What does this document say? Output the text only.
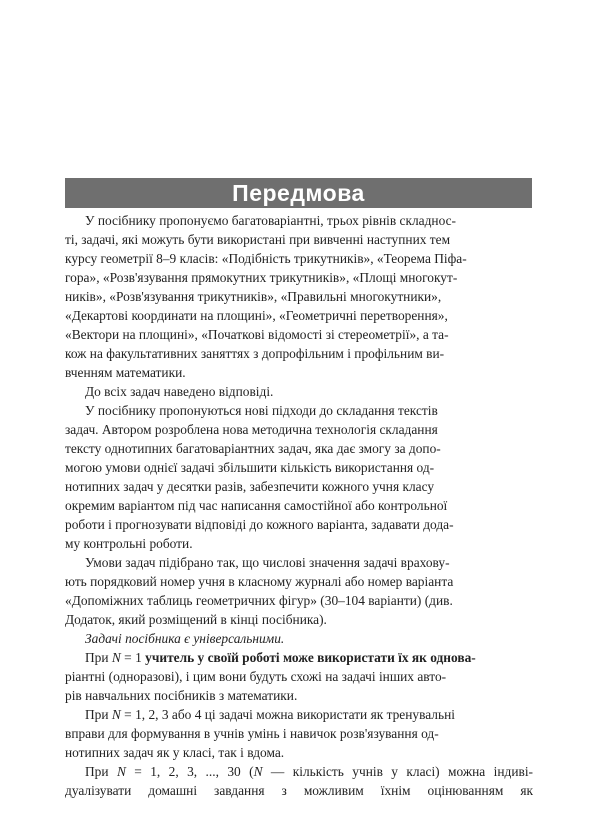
Передмова

У посібнику пропонуємо багатоваріантні, трьох рівнів складнос-
ті, задачі, які можуть бути використані при вивченні наступних тем
курсу геометрії 8–9 класів: «Подібність трикутників», «Теорема Піфа-
гора», «Розв'язування прямокутних трикутників», «Площі многокут-
ників», «Розв'язування трикутників», «Правильні многокутники»,
«Декартові координати на площині», «Геометричні перетворення»,
«Вектори на площині», «Початкові відомості зі стереометрії», а та-
кож на факультативних заняттях з допрофільним і профільним ви-
вченням математики.

До всіх задач наведено відповіді.

У посібнику пропонуються нові підходи до складання текстів
задач. Автором розроблена нова методична технологія складання
тексту однотипних багатоваріантних задач, яка дає змогу за допо-
могою умови однієї задачі збільшити кількість використання од-
нотипних задач у десятки разів, забезпечити кожного учня класу
окремим варіантом під час написання самостійної або контрольної
роботи і прогнозувати відповіді до кожного варіанта, задавати дода-
му контрольні роботи.

Умови задач підібрано так, що числові значення задачі врахову-
ють порядковий номер учня в класному журналі або номер варіанта
«Допоміжних таблиць геометричних фігур» (30–104 варіанти) (див.
Додаток, який розміщений в кінці посібника).

Задачі посібника є універсальними.

При N = 1 учитель у своїй роботі може використати їх як однова-
ріантні (одноразові), і цим вони будуть схожі на задачі інших авто-
рів навчальних посібників з математики.

При N = 1, 2, 3 або 4 ці задачі можна використати як тренувальні
вправи для формування в учнів умінь і навичок розв'язування од-
нотипних задач як у класі, так і вдома.

При N = 1, 2, 3, ..., 30 (N — кількість учнів у класі) можна індиві-
дуалізувати домашні завдання з можливим їхнім оцінюванням як
